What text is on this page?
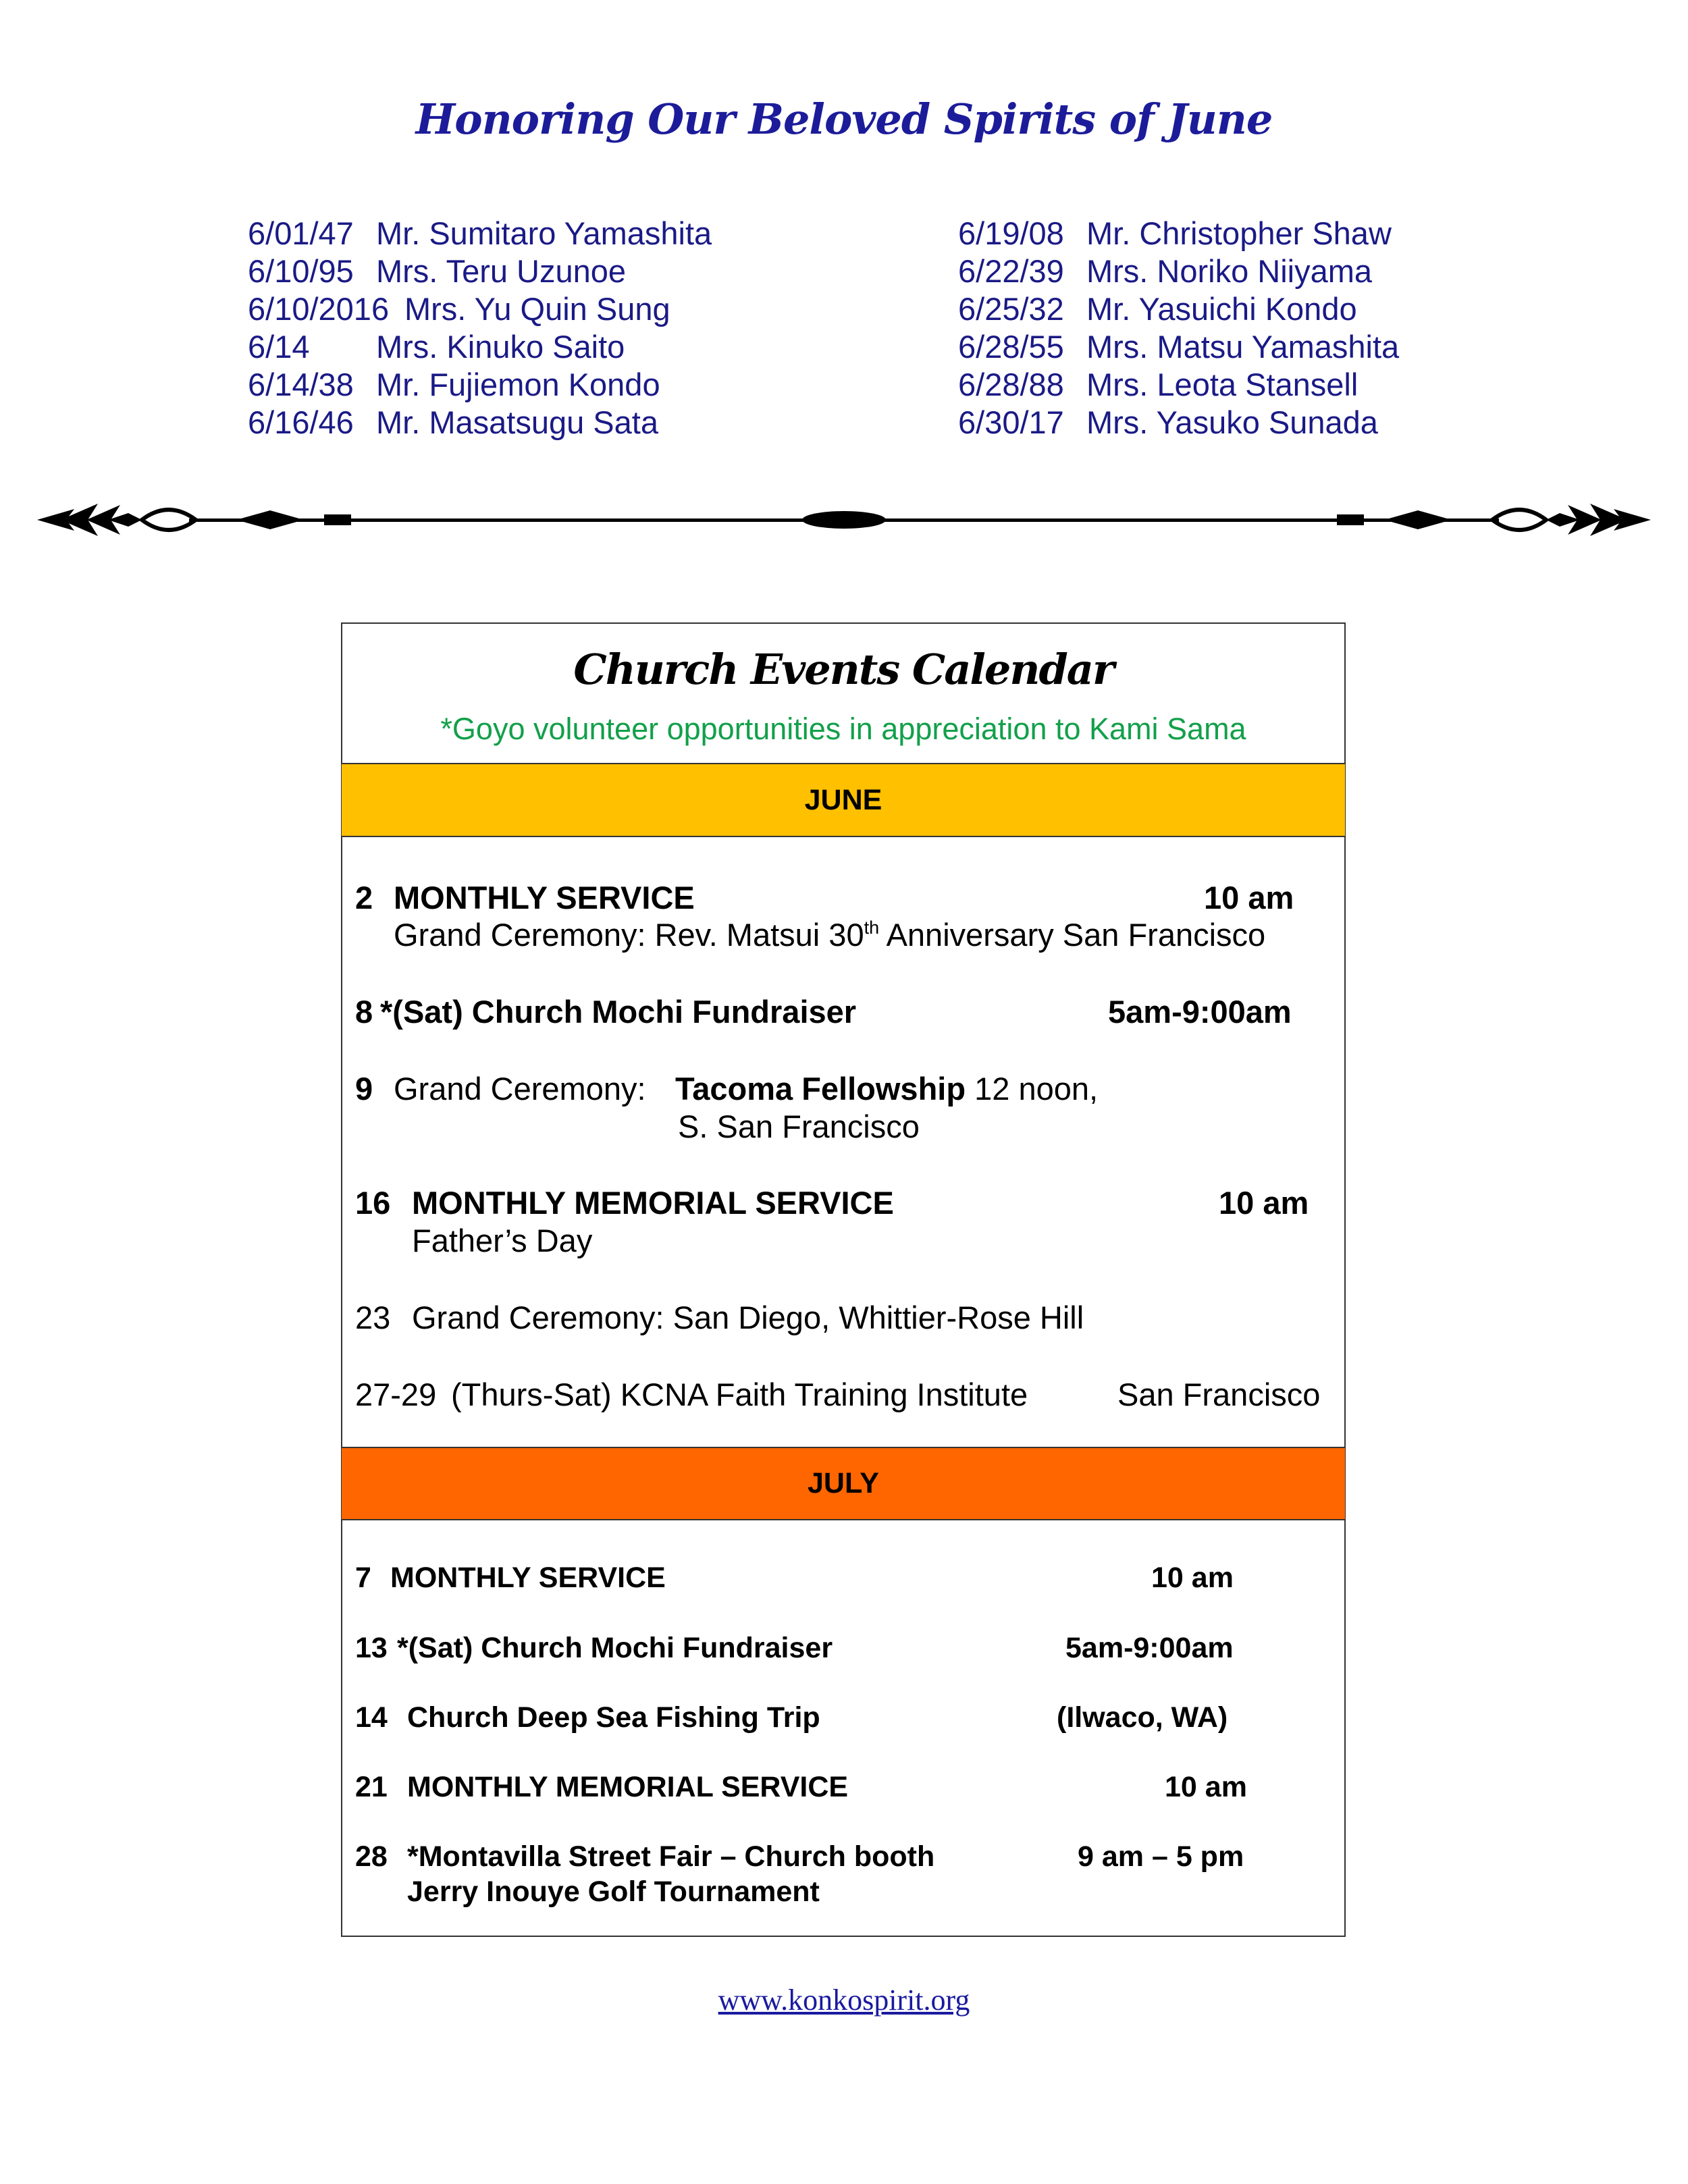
Honoring Our Beloved Spirits of June
6/01/47 Mr. Sumitaro Yamashita
6/10/95 Mrs. Teru Uzunoe
6/10/2016 Mrs. Yu Quin Sung
6/14 Mrs. Kinuko Saito
6/14/38 Mr. Fujiemon Kondo
6/16/46 Mr. Masatsugu Sata
6/19/08 Mr. Christopher Shaw
6/22/39 Mrs. Noriko Niiyama
6/25/32 Mr. Yasuichi Kondo
6/28/55 Mrs. Matsu Yamashita
6/28/88 Mrs. Leota Stansell
6/30/17 Mrs. Yasuko Sunada
Church Events Calendar
*Goyo volunteer opportunities in appreciation to Kami Sama
JUNE
2 MONTHLY SERVICE	10 am
Grand Ceremony: Rev. Matsui 30th Anniversary San Francisco
8 *(Sat) Church Mochi Fundraiser	5am-9:00am
9 Grand Ceremony: Tacoma Fellowship 12 noon,
S. San Francisco
16 MONTHLY MEMORIAL SERVICE	10 am
Father’s Day
23 Grand Ceremony: San Diego, Whittier-Rose Hill
27-29 (Thurs-Sat) KCNA Faith Training Institute	San Francisco
JULY
7 MONTHLY SERVICE	10 am
13 *(Sat) Church Mochi Fundraiser	5am-9:00am
14 Church Deep Sea Fishing Trip	(Ilwaco, WA)
21 MONTHLY MEMORIAL SERVICE	10 am
28 *Montavilla Street Fair – Church booth	9 am – 5 pm
Jerry Inouye Golf Tournament
www.konkospirit.org
